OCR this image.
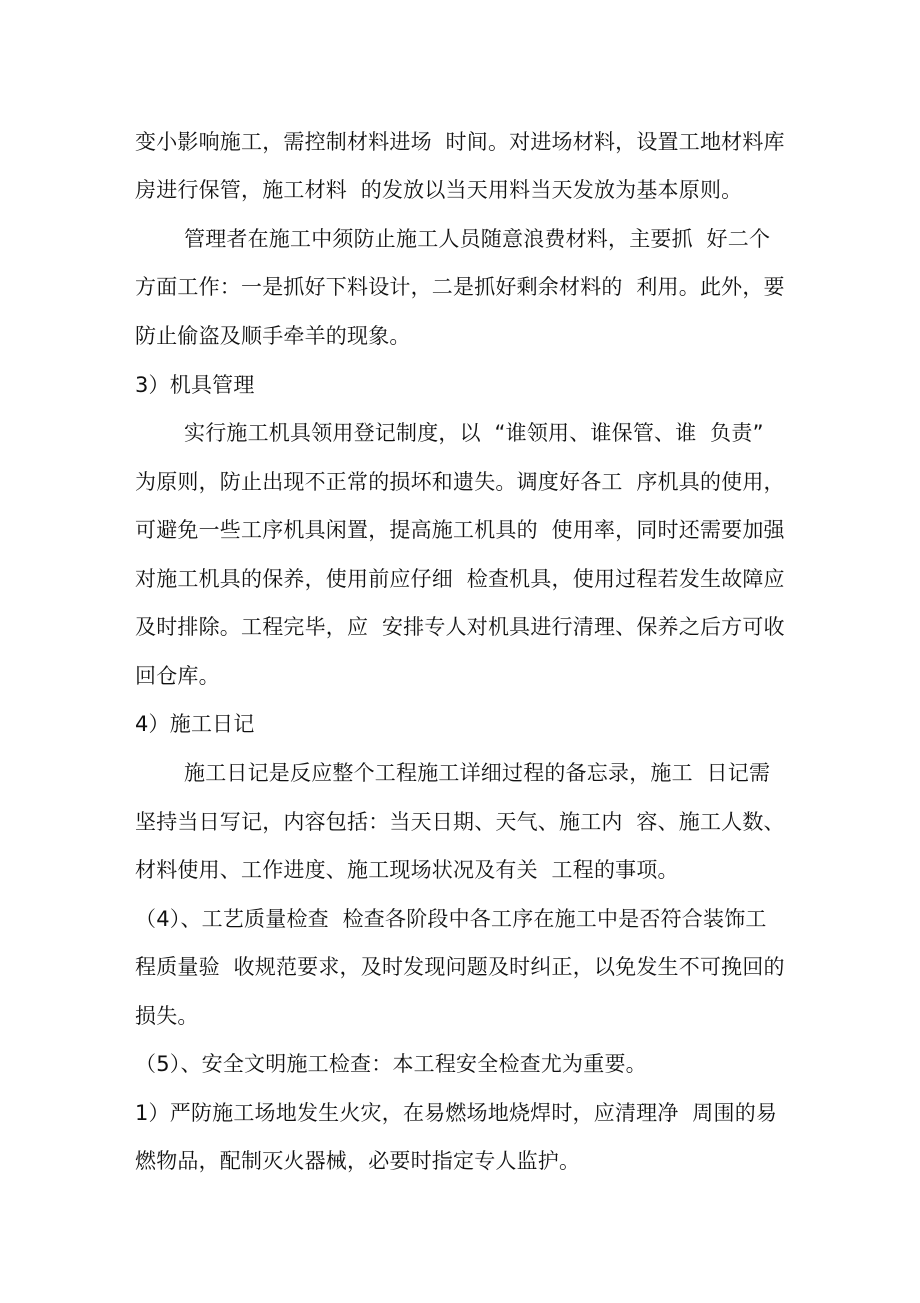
变小影响施工，需控制材料进场  时间。对进场材料，设置工地材料库
房进行保管，施工材料  的发放以当天用料当天发放为基本原则。
管理者在施工中须防止施工人员随意浪费材料，主要抓  好二个
方面工作：一是抓好下料设计，二是抓好剩余材料的  利用。此外，要
防止偷盗及顺手牵羊的现象。
3）机具管理
实行施工机具领用登记制度，以  “谁领用、谁保管、谁  负责”
为原则，防止出现不正常的损坏和遗失。调度好各工  序机具的使用，
可避免一些工序机具闲置，提高施工机具的  使用率，同时还需要加强
对施工机具的保养，使用前应仔细  检查机具，使用过程若发生故障应
及时排除。工程完毕，应  安排专人对机具进行清理、保养之后方可收
回仓库。
4）施工日记
施工日记是反应整个工程施工详细过程的备忘录，施工  日记需
坚持当日写记，内容包括：当天日期、天气、施工内  容、施工人数、
材料使用、工作进度、施工现场状况及有关  工程的事项。
（4）、工艺质量检查  检查各阶段中各工序在施工中是否符合装饰工
程质量验  收规范要求，及时发现问题及时纠正，以免发生不可挽回的
损失。
（5）、安全文明施工检查：本工程安全检查尤为重要。
1）严防施工场地发生火灾，在易燃场地烧焊时，应清理净  周围的易
燃物品，配制灭火器械，必要时指定专人监护。
